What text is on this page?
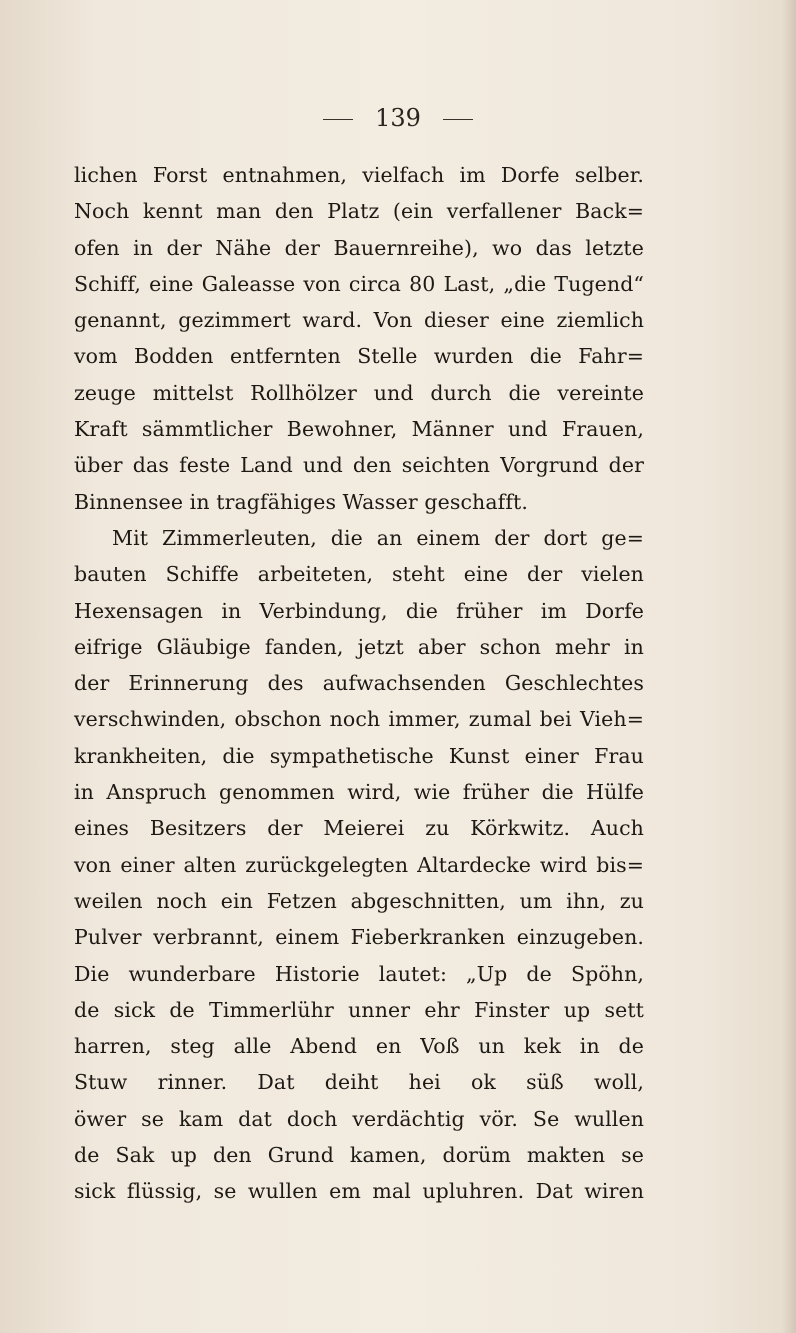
139
lichen Forst entnahmen, vielfach im Dorfe selber.
Noch kennt man den Platz (ein verfallener Back=
ofen in der Nähe der Bauernreihe), wo das letzte
Schiff, eine Galeasse von circa 80 Last, „die Tugend“
genannt, gezimmert ward. Von dieser eine ziemlich
vom Bodden entfernten Stelle wurden die Fahr=
zeuge mittelst Rollhölzer und durch die vereinte
Kraft sämmtlicher Bewohner, Männer und Frauen,
über das feste Land und den seichten Vorgrund der
Binnensee in tragfähiges Wasser geschafft.
Mit Zimmerleuten, die an einem der dort ge=
bauten Schiffe arbeiteten, steht eine der vielen
Hexensagen in Verbindung, die früher im Dorfe
eifrige Gläubige fanden, jetzt aber schon mehr in
der Erinnerung des aufwachsenden Geschlechtes
verschwinden, obschon noch immer, zumal bei Vieh=
krankheiten, die sympathetische Kunst einer Frau
in Anspruch genommen wird, wie früher die Hülfe
eines Besitzers der Meierei zu Körkwitz. Auch
von einer alten zurückgelegten Altardecke wird bis=
weilen noch ein Fetzen abgeschnitten, um ihn, zu
Pulver verbrannt, einem Fieberkranken einzugeben.
Die wunderbare Historie lautet: „Up de Spöhn,
de sick de Timmerlühr unner ehr Finster up sett
harren, steg alle Abend en Voß un kek in de
Stuw rinner. Dat deiht hei ok süß woll,
öwer se kam dat doch verdächtig vör. Se wullen
de Sak up den Grund kamen, dorüm makten se
sick flüssig, se wullen em mal upluhren. Dat wiren
